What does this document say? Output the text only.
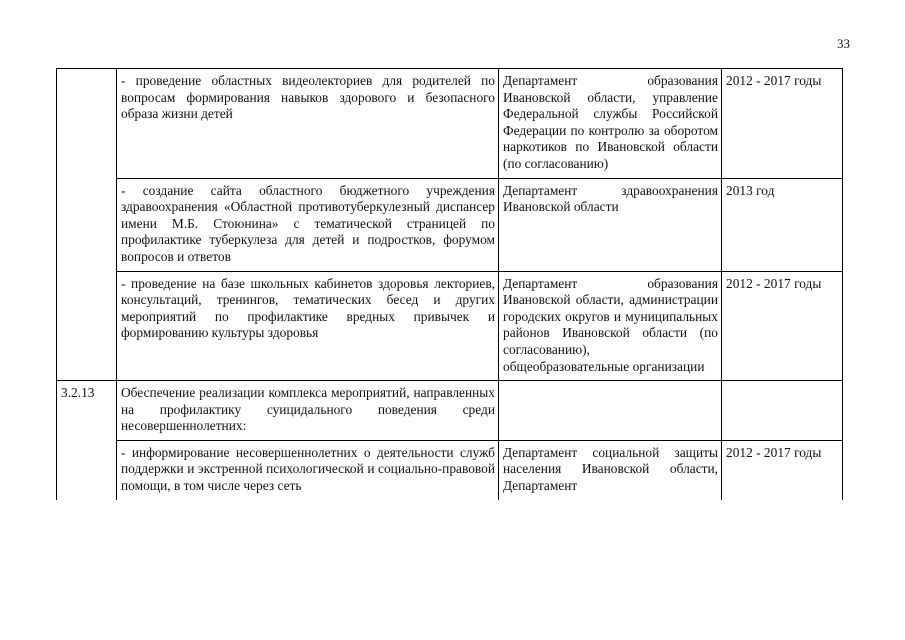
33
	- проведение областных видеолекториев для родителей по вопросам формирования навыков здорового и безопасного образа жизни детей	Департамент образования Ивановской области, управление Федеральной службы Российской Федерации по контролю за оборотом наркотиков по Ивановской области (по согласованию)	2012 - 2017 годы
	- создание сайта областного бюджетного учреждения здравоохранения «Областной противотуберкулезный диспансер имени М.Б. Стоюнина» с тематической страницей по профилактике туберкулеза для детей и подростков, форумом вопросов и ответов	Департамент здравоохранения Ивановской области	2013 год
	- проведение на базе школьных кабинетов здоровья лекториев, консультаций, тренингов, тематических бесед и других мероприятий по профилактике вредных привычек и формированию культуры здоровья	Департамент образования Ивановской области, администрации городских округов и муниципальных районов Ивановской области (по согласованию), общеобразовательные организации	2012 - 2017 годы
3.2.13	Обеспечение реализации комплекса мероприятий, направленных на профилактику суицидального поведения среди несовершеннолетних:		
	- информирование несовершеннолетних о деятельности служб поддержки и экстренной психологической и социально-правовой помощи, в том числе через сеть	Департамент социальной защиты населения Ивановской области, Департамент	2012 - 2017 годы
